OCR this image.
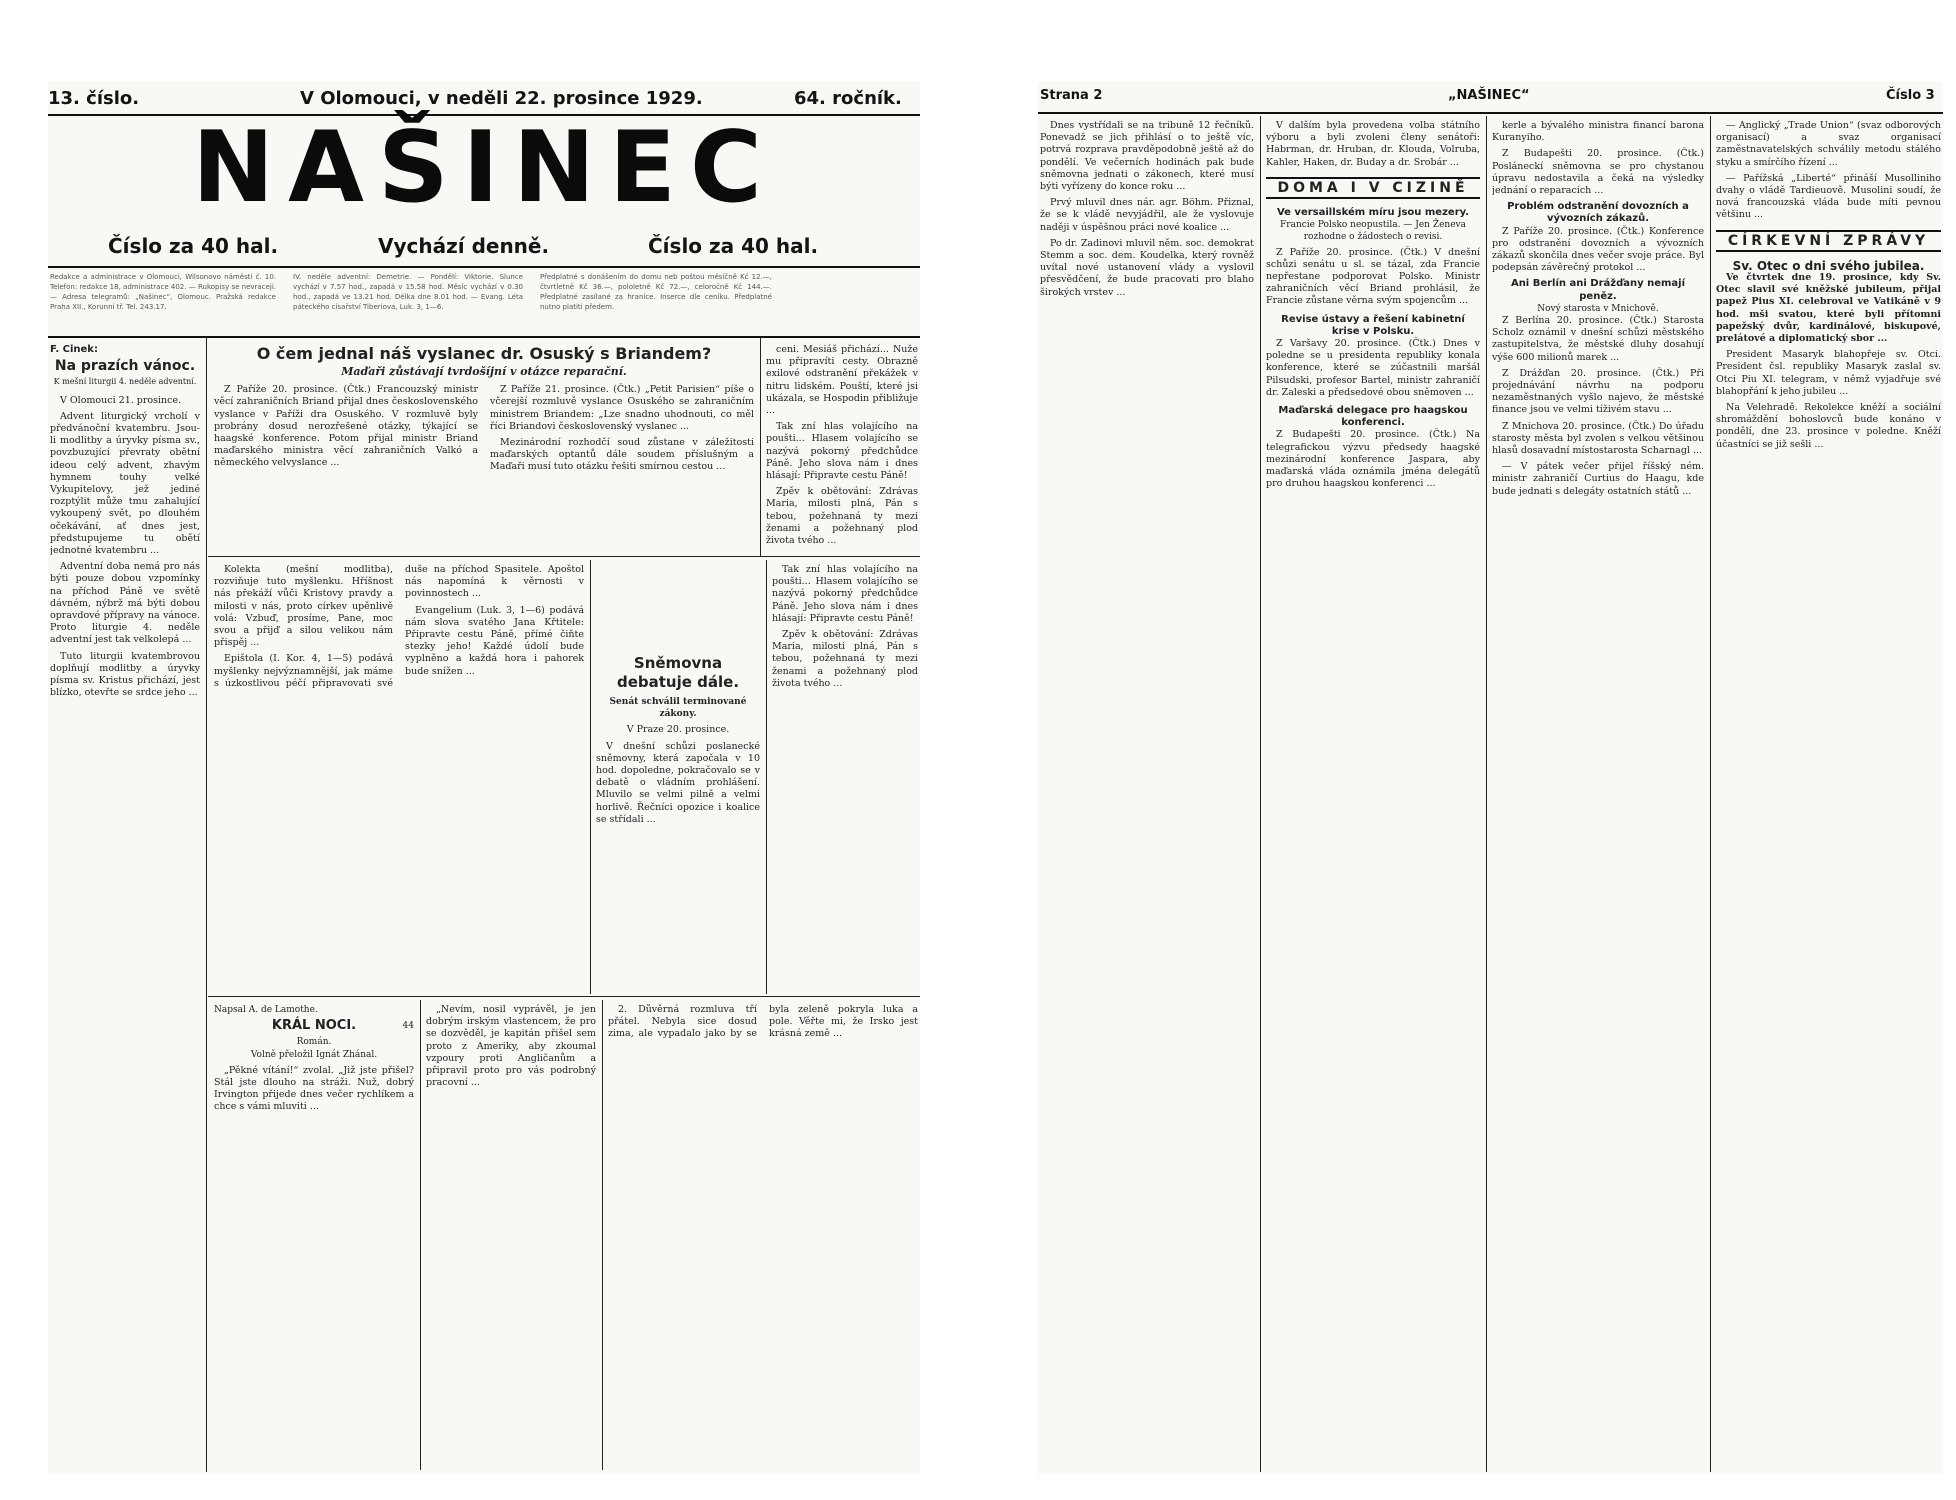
13. číslo.	V Olomouci, v neděli 22. prosince 1929.	64. ročník.
NAŠINEC
Číslo za 40 hal.	Vychází denně.	Číslo za 40 hal.
Redakce a administrace v Olomouci, Wilsonovo náměstí č. 10. Telefon: redakce 18, administrace 402. — Rukopisy se nevracejí. — Adresa telegramů: „Našinec“, Olomouc. Pražská redakce Praha XII., Korunní tř. Tel. 243.17.
IV. neděle adventní: Demetrie. — Pondělí: Viktorie. Slunce vychází v 7.57 hod., zapadá v 15.58 hod. Měsíc vychází v 0.30 hod., zapadá ve 13.21 hod. Délka dne 8.01 hod. — Evang. Léta páteckého císařství Tiberiova, Luk. 3, 1—6.
Předplatné s donášením do domu neb poštou měsíčně Kč 12.—, čtvrtletně Kč 36.—, pololetně Kč 72.—, celoročně Kč 144.—. Předplatné zasílané za hranice. Inserce dle ceníku. Předplatné nutno platiti předem.
F. Cinek:
Na prazích vánoc.
K mešní liturgii 4. neděle adventní.

V Olomouci 21. prosince.

Advent liturgický vrcholí v předvánoční kvatembru. Jsou-li modlitby a úryvky písma sv., povzbuzující převraty obětní ideou celý advent, zhavým hymnem touhy velké Vykupitelovy, jež jediné rozptýlit může tmu zahalující vykoupený svět, po dlouhém očekávání, ať dnes jest, předstupujeme tu obětí jednotné kvatembru ...

Adventní doba nemá pro nás býti pouze dobou vzpomínky na příchod Páně ve světě dávném, nýbrž má býti dobou opravdové přípravy na vánoce. Proto liturgie 4. neděle adventní jest tak velkolepá ...

Tuto liturgii kvatembrovou doplňují modlitby a úryvky písma sv. Kristus přichází, jest blízko, otevřte se srdce jeho ...

O čem jednal náš vyslanec dr. Osuský s Briandem?
Maďaři zůstávají tvrdošíjní v otázce reparační.

Z Paříže 20. prosince. (Čtk.) Francouzský ministr věcí zahraničních Briand přijal dnes československého vyslance v Paříži dra Osuského. V rozmluvě byly probrány dosud nerozřešené otázky, týkající se haagské konference. Potom přijal ministr Briand maďarského ministra věcí zahraničních Valkó a německého velvyslance ...

Z Paříže 21. prosince. (Čtk.) „Petit Parisien“ píše o včerejší rozmluvě vyslance Osuského se zahraničním ministrem Briandem: „Lze snadno uhodnouti, co měl říci Briandovi československý vyslanec ...

Mezinárodní rozhodčí soud zůstane v záležitosti maďarských optantů dále soudem příslušným a Maďaři musí tuto otázku řešiti smírnou cestou ...

ceni. Mesiáš přichází... Nuže mu připravíti cesty. Obrazně exilové odstranění překážek v nitru lidském. Pouští, které jsi ukázala, se Hospodin přibližuje ...

Tak zní hlas volajícího na poušti... Hlasem volajícího se nazývá pokorný předchůdce Páně. Jeho slova nám i dnes hlásají: Připravte cestu Páně!

Zpěv k obětování: Zdrávas Maria, milosti plná, Pán s tebou, požehnaná ty mezi ženami a požehnaný plod života tvého ...

Kolekta (mešní modlitba), rozviňuje tuto myšlenku. Hříšnost nás překáží vůči Kristovy pravdy a milosti v nás, proto církev upěnlivě volá: Vzbuď, prosíme, Pane, moc svou a přijď a silou velikou nám přispěj ...

Epištola (I. Kor. 4, 1—5) podává myšlenky nejvýznamnější, jak máme s úzkostlivou péčí připravovati své duše na příchod Spasitele. Apoštol nás napomíná k věrnosti v povinnostech ...

Evangelium (Luk. 3, 1—6) podává nám slova svatého Jana Křtitele: Připravte cestu Páně, přímé čiňte stezky jeho! Každé údolí bude vyplněno a každá hora i pahorek bude snížen ...	Sněmovna debatuje dále.
Senát schválil terminované zákony.

V Praze 20. prosince.

V dnešní schůzi poslanecké sněmovny, která započala v 10 hod. dopoledne, pokračovalo se v debatě o vládním prohlášení. Mluvilo se velmi pilně a velmi horlivě. Řečníci opozice i koalice se střídali ...

Tak zní hlas volajícího na poušti... Hlasem volajícího se nazývá pokorný předchůdce Páně. Jeho slova nám i dnes hlásají: Připravte cestu Páně!

Zpěv k obětování: Zdrávas Maria, milosti plná, Pán s tebou, požehnaná ty mezi ženami a požehnaný plod života tvého ...

Napsal A. de Lamothe.
KRÁL NOCI.	44
Román.
Volně přeložil Ignát Zhánal.

„Pěkné vítání!“ zvolal. „Již jste přišel? Stál jste dlouho na stráži. Nuž, dobrý Irvington přijede dnes večer rychlíkem a chce s vámi mluviti ...

„Nevím, nosil vyprávěl, je jen dobrým irským vlastencem, že pro se dozvěděl, je kapitán přišel sem proto z Ameriky, aby zkoumal vzpoury proti Angličanům a připravil proto pro vás podrobný pracovní ...

2. Důvěrná rozmluva tří přátel. Nebyla sice dosud zima, ale vypadalo jako by se byla zeleně pokryla luka a pole. Věřte mi, že Irsko jest krásná země ...

Strana 2	„NAŠINEC“	Číslo 3

Dnes vystřídali se na tribuně 12 řečníků. Ponevadž se jich přihlásí o to ještě víc, potrvá rozprava pravděpodobně ještě až do pondělí. Ve večerních hodinách pak bude sněmovna jednati o zákonech, které musí býti vyřízeny do konce roku ...

Prvý mluvil dnes nár. agr. Böhm. Přiznal, že se k vládě nevyjádřil, ale že vyslovuje naději v úspěšnou práci nové koalice ...

Po dr. Zadinovi mluvil něm. soc. demokrat Stemm a soc. dem. Koudelka, který rovněž uvítal nové ustanovení vlády a vyslovil přesvědčení, že bude pracovati pro blaho širokých vrstev ...

V dalším byla provedena volba státního výboru a byli zvoleni členy senátoři: Habrman, dr. Hruban, dr. Klouda, Volruba, Kahler, Haken, dr. Buday a dr. Srobár ...

DOMA I V CIZINĚ
Ve versaillském míru jsou mezery.
Francie Polsko neopustila. — Jen Ženeva rozhodne o žádostech o revisi.

Z Paříže 20. prosince. (Čtk.) V dnešní schůzi senátu u sl. se tázal, zda Francie nepřestane podporovat Polsko. Ministr zahraničních věcí Briand prohlásil, že Francie zůstane věrna svým spojencům ...

Revise ústavy a řešení kabinetní krise v Polsku.

Z Varšavy 20. prosince. (Čtk.) Dnes v poledne se u presidenta republiky konala konference, které se zúčastnili maršál Pilsudski, profesor Bartel, ministr zahraničí dr. Zaleski a předsedové obou sněmoven ...

Maďarská delegace pro haagskou konferenci.

Z Budapešti 20. prosince. (Čtk.) Na telegrafickou výzvu předsedy haagské mezinárodní konference Jaspara, aby maďarská vláda oznámila jména delegátů pro druhou haagskou konferenci ...

kerle a bývalého ministra financí barona Kuranyiho.

Z Budapešti 20. prosince. (Čtk.) Posláneckí sněmovna se pro chystanou úpravu nedostavila a čeká na výsledky jednání o reparacích ...

Problém odstranění dovozních a vývozních zákazů.

Z Paříže 20. prosince. (Čtk.) Konference pro odstranění dovozních a vývozních zákazů skončila dnes večer svoje práce. Byl podepsán závěrečný protokol ...

Ani Berlín ani Drážďany nemají peněz.
Nový starosta v Mnichově.

Z Berlína 20. prosince. (Čtk.) Starosta Scholz oznámil v dnešní schůzi městského zastupitelstva, že městské dluhy dosahují výše 600 milionů marek ...

Z Drážďan 20. prosince. (Čtk.) Při projednávání návrhu na podporu nezaměstnaných vyšlo najevo, že městské finance jsou ve velmi tíživém stavu ...

Z Mnichova 20. prosince. (Čtk.) Do úřadu starosty města byl zvolen s velkou většinou hlasů dosavadní místostarosta Scharnagl ...

— V pátek večer přijel říšský ném. ministr zahraničí Curtius do Haagu, kde bude jednati s delegáty ostatních států ...

— Anglický „Trade Union“ (svaz odborových organisací) a svaz organisací zaměstnavatelských schválily metodu stálého styku a smírčího řízení ...

— Pařížská „Liberté“ přináší Musolliniho dvahy o vládě Tardieuově. Musolini soudí, že nová francouzská vláda bude míti pevnou většinu ...

CÍRKEVNÍ ZPRÁVY
Sv. Otec o dni svého jubilea.

Ve čtvrtek dne 19. prosince, kdy Sv. Otec slavil své kněžské jubileum, přijal papež Pius XI. celebroval ve Vatikáně v 9 hod. mši svatou, které byli přítomni papežský dvůr, kardinálové, biskupové, prelátové a diplomatický sbor ...

President Masaryk blahopřeje sv. Otci. President čsl. republiky Masaryk zaslal sv. Otci Piu XI. telegram, v němž vyjadřuje své blahopřání k jeho jubileu ...

Na Velehradě. Rekolekce kněží a sociální shromáždění bohoslovců bude konáno v pondělí, dne 23. prosince v poledne. Kněží účastníci se již sešli ...
